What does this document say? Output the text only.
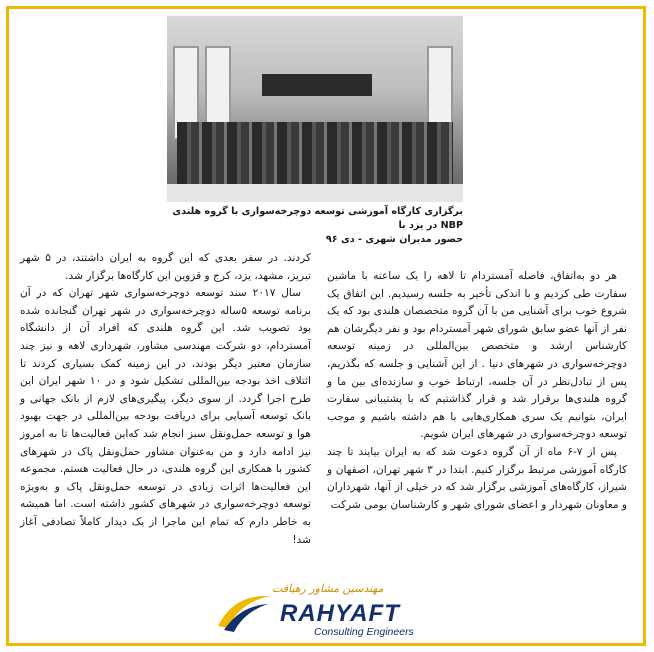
برگزاری کارگاه آموزشی توسعه دوچرخه‌سواری با گروه هلندی NBP در یزد با
حضور مدیران شهری - دی ۹۶

هر دو به‌اتفاق، فاصله آمستردام تا لاهه را یک ساعته با ماشین سفارت طی کردیم و با اندکی تأخیر به جلسه رسیدیم. این اتفاق یک شروع خوب برای آشنایی من با آن گروه متخصصان هلندی بود که یک نفر از آنها عضو سابق شورای شهر آمستردام بود و نفر دیگرشان هم کارشناس ارشد و متخصص بین‌المللی در زمینه توسعه دوچرخه‌سواری در شهرهای دنیا . از این آشنایی و جلسه که بگذریم، پس از تبادل‌نظر در آن جلسه، ارتباط خوب و سازنده‌ای بین ما و گروه هلندی‌ها برقرار شد و قرار گذاشتیم که با پشتیبانی سفارت ایران، بتوانیم یک سری همکاری‌هایی با هم داشته باشیم و موجب توسعه دوچرخه‌سواری در شهرهای ایران شویم.

پس از ۷-۶ ماه از آن گروه دعوت شد که به ایران بیایند تا چند کارگاه آموزشی مرتبط برگزار کنیم. ابتدا در ۳ شهر تهران، اصفهان و شیراز، کارگاه‌های آموزشی برگزار شد که در خیلی از آنها، شهرداران و معاونان شهردار و اعضای شورای شهر و کارشناسان بومی شرکت

کردند. در سفر بعدی که این گروه به ایران داشتند، در ۵ شهر تبریز، مشهد، یزد، کرج و قزوین این کارگاه‌ها برگزار شد.

سال ۲۰۱۷ سند توسعه دوچرخه‌سواری شهر تهران که در آن برنامه توسعه ۵ساله دوچرخه‌سواری در شهر تهران گنجانده شده بود تصویب شد. این گروه هلندی که افراد آن از دانشگاه آمستردام، دو شرکت مهندسی مشاور، شهرداری لاهه و نیز چند سازمان معتبر دیگر بودند، در این زمینه کمک بسیاری کردند تا ائتلاف اخذ بودجه بین‌المللی تشکیل شود و در ۱۰ شهر ایران این طرح اجرا گردد. از سوی دیگر، پیگیری‌های لازم از بانک جهانی و بانک توسعه آسیایی برای دریافت بودجه بین‌المللی در جهت بهبود هوا و توسعه حمل‌ونقل سبز انجام شد که‌این فعالیت‌ها تا به امروز نیز ادامه دارد و من به‌عنوان مشاور حمل‌ونقل پاک در شهرهای کشور با همکاری این گروه هلندی، در حال فعالیت هستم. مجموعه این فعالیت‌ها اثرات زیادی در توسعه حمل‌ونقل پاک و به‌ویژه توسعه دوچرخه‌سواری در شهرهای کشور داشته است. اما همیشه به خاطر دارم که تمام این ماجرا از یک دیدار کاملاً تصادفی آغاز شد!

مهندسین مشاور رهیافت
RAHYAFT
Consulting Engineers
